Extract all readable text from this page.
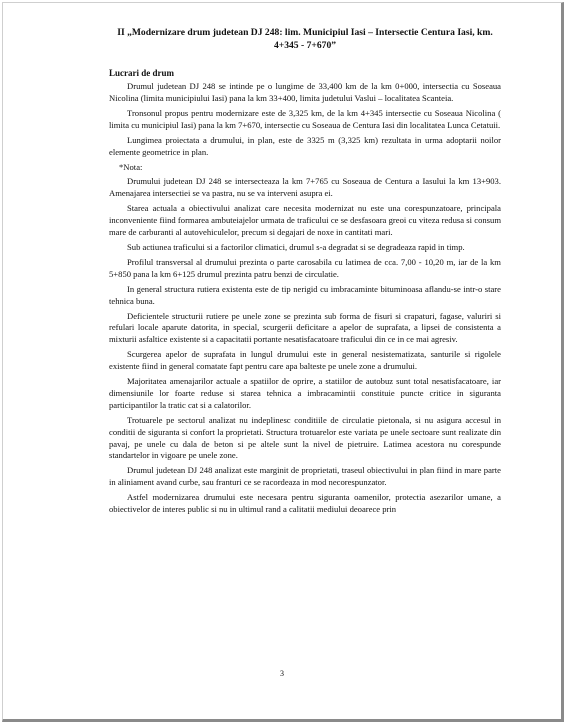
II „Modernizare drum judetean DJ 248: lim. Municipiul Iasi – Intersectie Centura Iasi, km. 4+345 - 7+670”
Lucrari de drum
Drumul judetean DJ 248 se intinde pe o lungime de 33,400 km de la km 0+000, intersectia cu Soseaua Nicolina (limita municipiului Iasi) pana la km 33+400, limita judetului Vaslui – localitatea Scanteia.
Tronsonul propus pentru modernizare este de 3,325 km, de la km 4+345 intersectie cu Soseaua Nicolina ( limita cu municipiul Iasi) pana la km 7+670, intersectie cu Soseaua de Centura Iasi din localitatea Lunca Cetatuii.
Lungimea proiectata a drumului, in plan, este de 3325 m (3,325 km) rezultata in urma adoptarii noilor elemente geometrice in plan.
*Nota:
Drumului judetean DJ 248 se intersecteaza la km 7+765 cu Soseaua de Centura a Iasului la km 13+903. Amenajarea intersectiei se va pastra, nu se va interveni asupra ei.
Starea actuala a obiectivului analizat care necesita modernizat nu este una corespunzatoare, principala inconveniente fiind formarea ambuteiajelor urmata de traficului ce se desfasoara greoi cu viteza redusa si consum mare de carburanti al autovehiculelor, precum si degajari de noxe in cantitati mari.
Sub actiunea traficului si a factorilor climatici, drumul s-a degradat si se degradeaza rapid in timp.
Profilul transversal al drumului prezinta o parte carosabila cu latimea de cca. 7,00 - 10,20 m, iar de la km 5+850 pana la km 6+125 drumul prezinta patru benzi de circulatie.
In general structura rutiera existenta este de tip nerigid cu imbracaminte bituminoasa aflandu-se intr-o stare tehnica buna.
Deficientele structurii rutiere pe unele zone se prezinta sub forma de fisuri si crapaturi, fagase, valuriri si refulari locale aparute datorita, in special, scurgerii deficitare a apelor de suprafata, a lipsei de consistenta a mixturii asfaltice existente si a capacitatii portante nesatisfacatoare traficului din ce in ce mai agresiv.
Scurgerea apelor de suprafata in lungul drumului este in general nesistematizata, santurile si rigolele existente fiind in general comatate fapt pentru care apa balteste pe unele zone a drumului.
Majoritatea amenajarilor actuale a spatiilor de oprire, a statiilor de autobuz sunt total nesatisfacatoare, iar dimensiunile lor foarte reduse si starea tehnica a imbracamintii constituie puncte critice in siguranta participantilor la tratic cat si a calatorilor.
Trotuarele pe sectorul analizat nu indeplinesc conditiile de circulatie pietonala, si nu asigura accesul in conditii de siguranta si confort la proprietati. Structura trotuarelor este variata pe unele sectoare sunt realizate din pavaj, pe unele cu dala de beton si pe altele sunt la nivel de pietruire. Latimea acestora nu corespunde standartelor in vigoare pe unele zone.
Drumul judetean DJ 248 analizat este marginit de proprietati, traseul obiectivului in plan fiind in mare parte in aliniament avand curbe, sau franturi ce se racordeaza in mod necorespunzator.
Astfel modernizarea drumului este necesara pentru siguranta oamenilor, protectia asezarilor umane, a obiectivelor de interes public si nu in ultimul rand a calitatii mediului deoarece prin
3
